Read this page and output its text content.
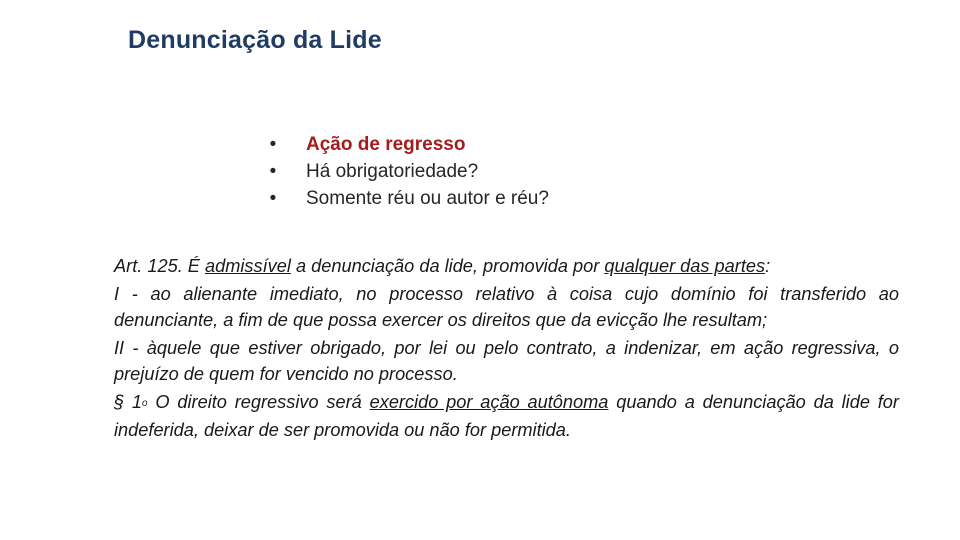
Denunciação da Lide
• Ação de regresso
• Há obrigatoriedade?
• Somente réu ou autor e réu?

Art. 125. É admissível a denunciação da lide, promovida por qualquer das partes:

I - ao alienante imediato, no processo relativo à coisa cujo domínio foi transferido ao denunciante, a fim de que possa exercer os direitos que da evicção lhe resultam;

II - àquele que estiver obrigado, por lei ou pelo contrato, a indenizar, em ação regressiva, o prejuízo de quem for vencido no processo.

§ 1$^o$ O direito regressivo será exercido por ação autônoma quando a denunciação da lide for indeferida, deixar de ser promovida ou não for permitida.
